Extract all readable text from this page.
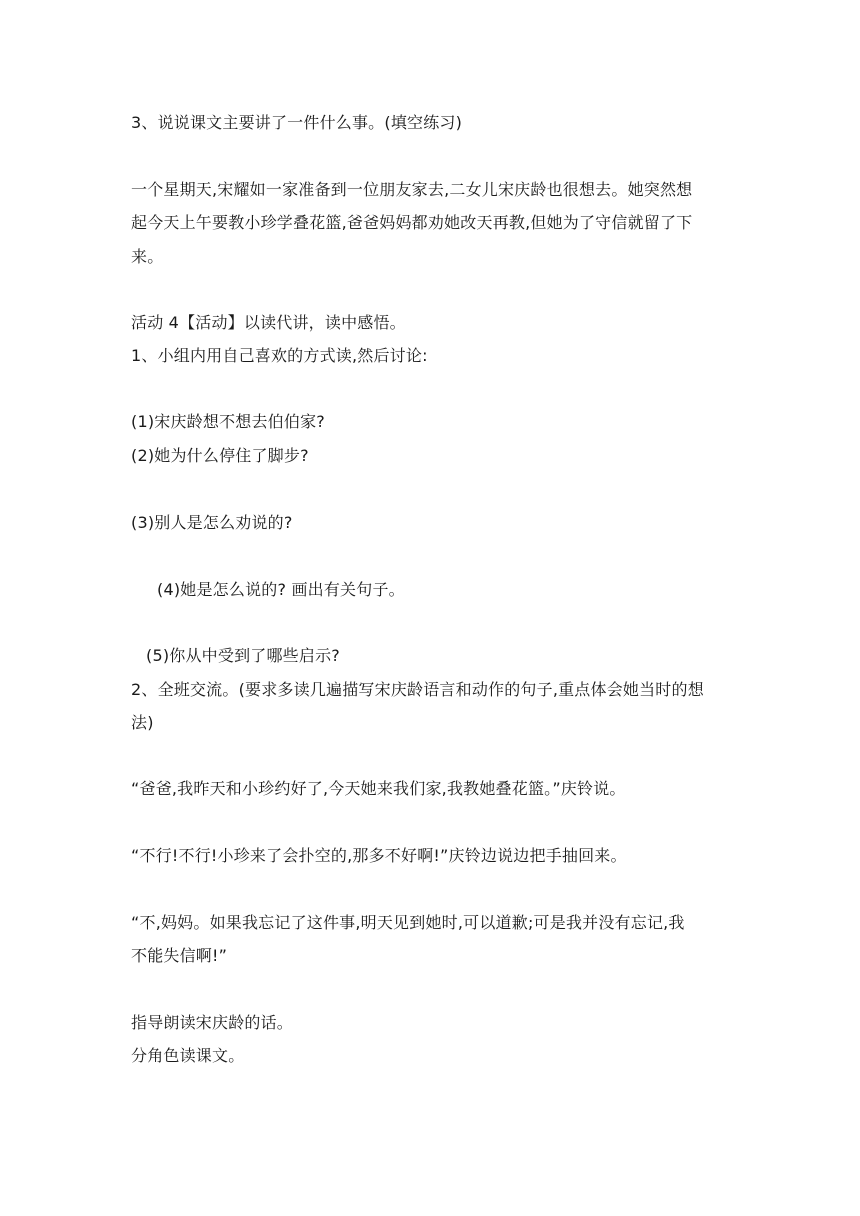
3、说说课文主要讲了一件什么事。(填空练习)
一个星期天,宋耀如一家准备到一位朋友家去,二女儿宋庆龄也很想去。她突然想
起今天上午要教小珍学叠花篮,爸爸妈妈都劝她改天再教,但她为了守信就留了下
来。
活动 4【活动】以读代讲，读中感悟。
1、小组内用自己喜欢的方式读,然后讨论:
(1)宋庆龄想不想去伯伯家?
(2)她为什么停住了脚步?
(3)别人是怎么劝说的?
(4)她是怎么说的? 画出有关句子。
(5)你从中受到了哪些启示?
2、全班交流。(要求多读几遍描写宋庆龄语言和动作的句子,重点体会她当时的想
法)
“爸爸,我昨天和小珍约好了,今天她来我们家,我教她叠花篮。”庆铃说。
“不行!不行!小珍来了会扑空的,那多不好啊!”庆铃边说边把手抽回来。
“不,妈妈。如果我忘记了这件事,明天见到她时,可以道歉;可是我并没有忘记,我
不能失信啊!”
指导朗读宋庆龄的话。
分角色读课文。
